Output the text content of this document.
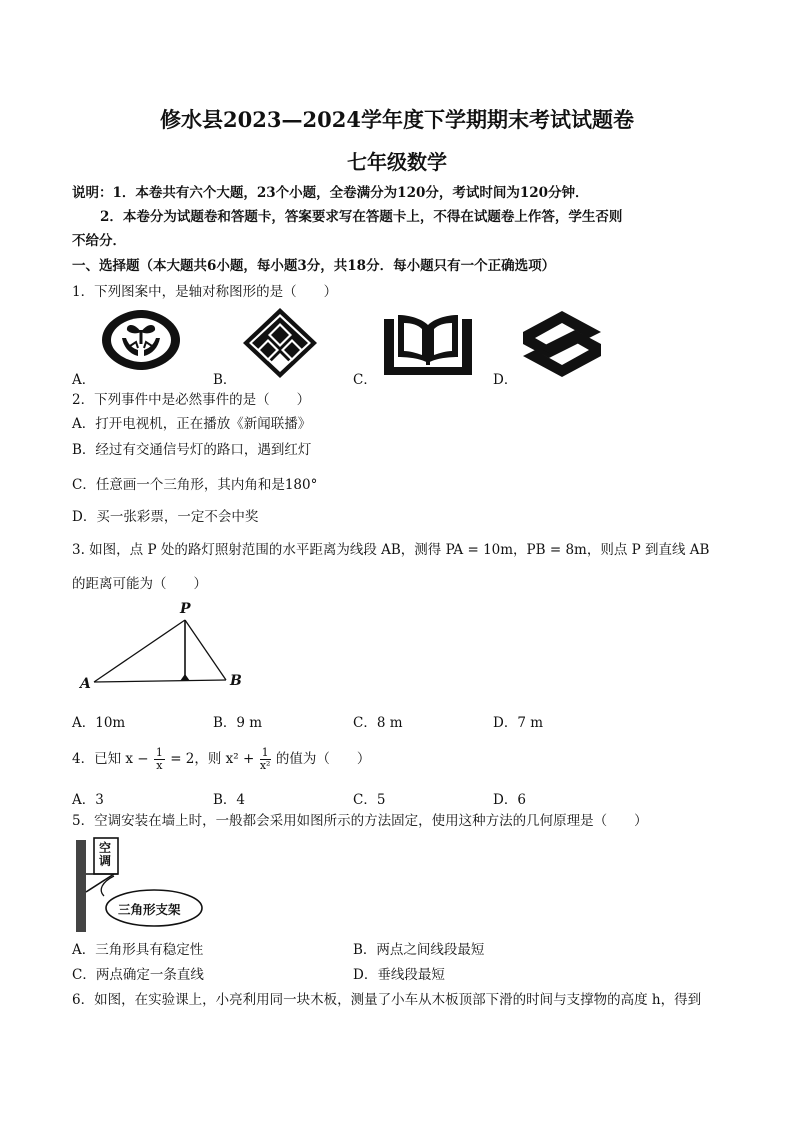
修水县2023—2024学年度下学期期末考试试题卷
七年级数学
说明：1．本卷共有六个大题，23个小题，全卷满分为120分，考试时间为120分钟．
2．本卷分为试题卷和答题卡，答案要求写在答题卡上，不得在试题卷上作答，学生否则
不给分．
一、选择题（本大题共6小题，每小题3分，共18分．每小题只有一个正确选项）
1．下列图案中，是轴对称图形的是（　　）
A．	B．	C．	D．
2．下列事件中是必然事件的是（　　）
A．打开电视机，正在播放《新闻联播》
B．经过有交通信号灯的路口，遇到红灯
C．任意画一个三角形，其内角和是180°
D．买一张彩票，一定不会中奖
3. 如图，点 P 处的路灯照射范围的水平距离为线段 AB，测得 PA = 10m，PB = 8m，则点 P 到直线 AB
的距离可能为（　　）
P
A	B
A．10m	B．9 m	C．8 m	D．7 m
4．已知 $x - \frac{1}{x} = 2$，则 $x^2 + \frac{1}{\text{x²}}$ 的值为（　　）
A．3	B．4	C．5	D．6
5．空调安装在墙上时，一般都会采用如图所示的方法固定，使用这种方法的几何原理是（　　）
空调
三角形支架
A．三角形具有稳定性	B．两点之间线段最短
C．两点确定一条直线	D．垂线段最短
6．如图，在实验课上，小亮利用同一块木板，测量了小车从木板顶部下滑的时间与支撑物的高度 h，得到
